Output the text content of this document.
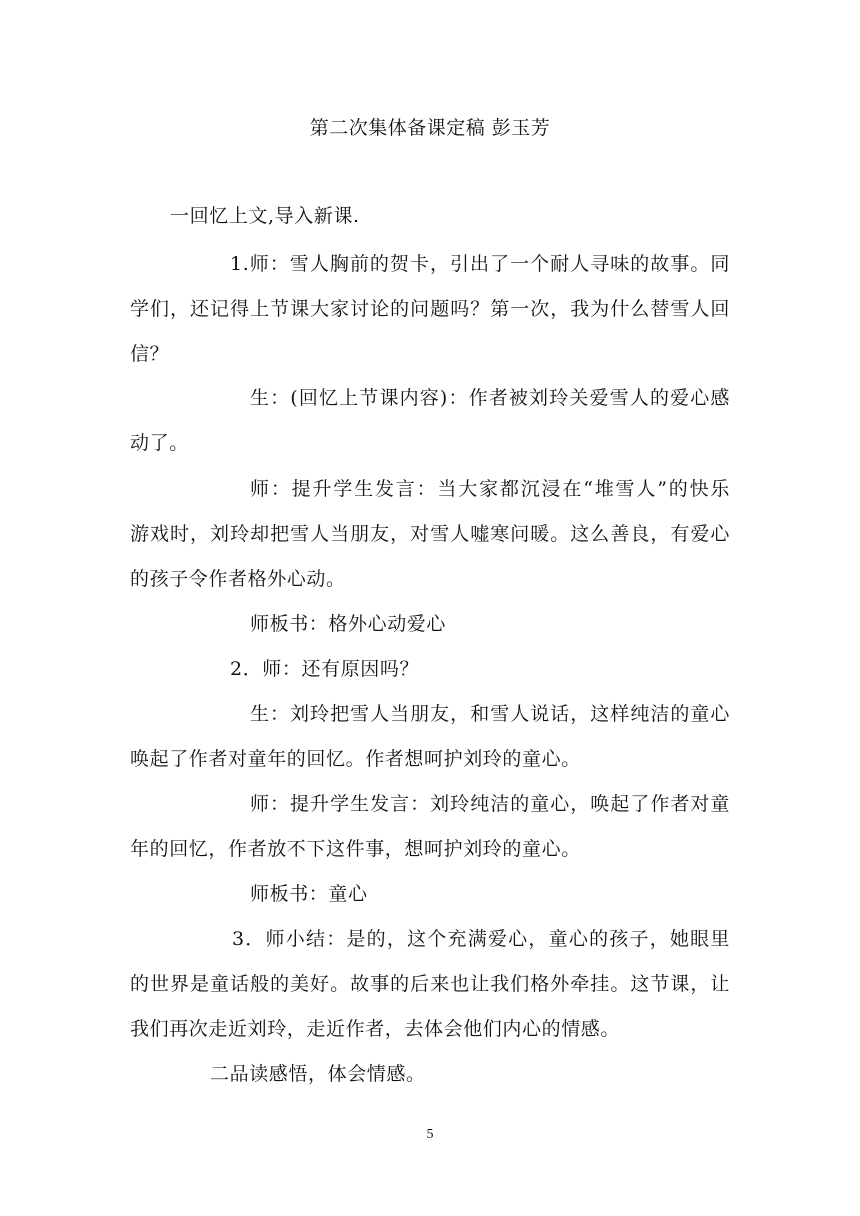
第二次集体备课定稿 彭玉芳
一回忆上文,导入新课.
1.师：雪人胸前的贺卡，引出了一个耐人寻味的故事。同
学们，还记得上节课大家讨论的问题吗？第一次，我为什么替雪人回
信？
生：(回忆上节课内容)：作者被刘玲关爱雪人的爱心感
动了。
师：提升学生发言：当大家都沉浸在“堆雪人”的快乐
游戏时，刘玲却把雪人当朋友，对雪人嘘寒问暖。这么善良，有爱心
的孩子令作者格外心动。
师板书：格外心动爱心
2．师：还有原因吗？
生：刘玲把雪人当朋友，和雪人说话，这样纯洁的童心
唤起了作者对童年的回忆。作者想呵护刘玲的童心。
师：提升学生发言：刘玲纯洁的童心，唤起了作者对童
年的回忆，作者放不下这件事，想呵护刘玲的童心。
师板书：童心
3．师小结：是的，这个充满爱心，童心的孩子，她眼里
的世界是童话般的美好。故事的后来也让我们格外牵挂。这节课，让
我们再次走近刘玲，走近作者，去体会他们内心的情感。
二品读感悟，体会情感。
5
